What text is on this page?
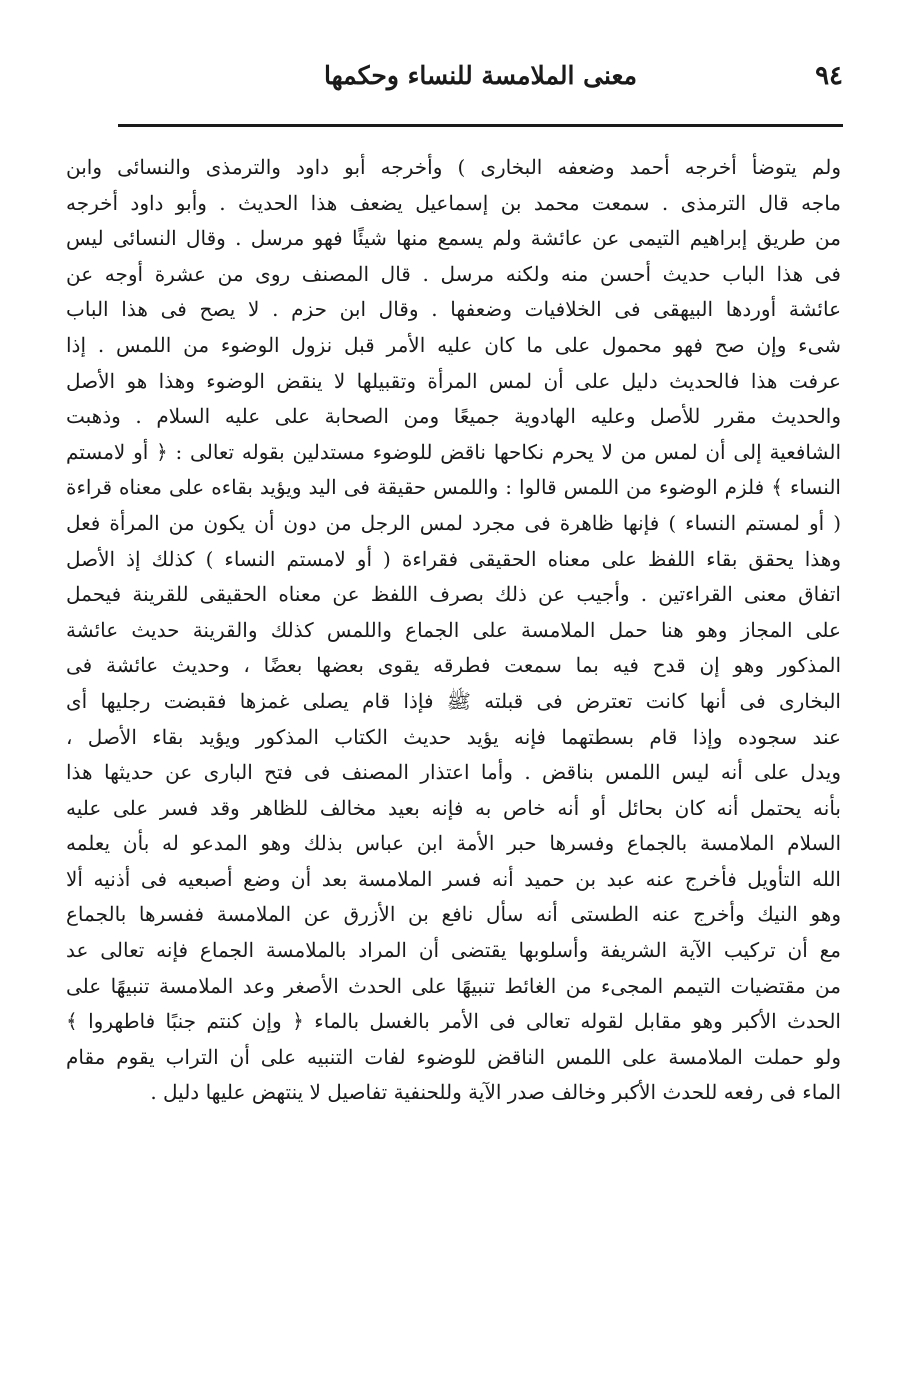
٩٤
معنى الملامسة للنساء وحكمها
ولم يتوضأ أخرجه أحمد وضعفه البخارى ) وأخرجه أبو داود والترمذى والنسائى وابن
ماجه قال الترمذى . سمعت محمد بن إسماعيل يضعف هذا الحديث . وأبو داود أخرجه
من طريق إبراهيم التيمى عن عائشة ولم يسمع منها شيئًا فهو مرسل . وقال النسائى ليس
فى هذا الباب حديث أحسن منه ولكنه مرسل . قال المصنف روى من عشرة أوجه عن
عائشة أوردها البيهقى فى الخلافيات وضعفها . وقال ابن حزم . لا يصح فى هذا الباب
شىء وإن صح فهو محمول على ما كان عليه الأمر قبل نزول الوضوء من اللمس . إذا
عرفت هذا فالحديث دليل على أن لمس المرأة وتقبيلها لا ينقض الوضوء وهذا هو الأصل
والحديث مقرر للأصل وعليه الهادوية جميعًا ومن الصحابة على عليه السلام . وذهبت
الشافعية إلى أن لمس من لا يحرم نكاحها ناقض للوضوء مستدلين بقوله تعالى : ﴿ أو لامستم
النساء ﴾ فلزم الوضوء من اللمس قالوا : واللمس حقيقة فى اليد ويؤيد بقاءه على معناه قراءة
( أو لمستم النساء ) فإنها ظاهرة فى مجرد لمس الرجل من دون أن يكون من المرأة فعل
وهذا يحقق بقاء اللفظ على معناه الحقيقى فقراءة ( أو لامستم النساء ) كذلك إذ الأصل
اتفاق معنى القراءتين . وأجيب عن ذلك بصرف اللفظ عن معناه الحقيقى للقرينة فيحمل
على المجاز وهو هنا حمل الملامسة على الجماع واللمس كذلك والقرينة حديث عائشة
المذكور وهو إن قدح فيه بما سمعت فطرقه يقوى بعضها بعضًا ، وحديث عائشة فى
البخارى فى أنها كانت تعترض فى قبلته ﷺ فإذا قام يصلى غمزها فقبضت رجليها أى
عند سجوده وإذا قام بسطتهما فإنه يؤيد حديث الكتاب المذكور ويؤيد بقاء الأصل ،
ويدل على أنه ليس اللمس بناقض . وأما اعتذار المصنف فى فتح البارى عن حديثها هذا
بأنه يحتمل أنه كان بحائل أو أنه خاص به فإنه بعيد مخالف للظاهر وقد فسر على عليه
السلام الملامسة بالجماع وفسرها حبر الأمة ابن عباس بذلك وهو المدعو له بأن يعلمه
الله التأويل فأخرج عنه عبد بن حميد أنه فسر الملامسة بعد أن وضع أصبعيه فى أذنيه ألا
وهو النيك وأخرج عنه الطستى أنه سأل نافع بن الأزرق عن الملامسة ففسرها بالجماع
مع أن تركيب الآية الشريفة وأسلوبها يقتضى أن المراد بالملامسة الجماع فإنه تعالى عد
من مقتضيات التيمم المجىء من الغائط تنبيهًا على الحدث الأصغر وعد الملامسة تنبيهًا على
الحدث الأكبر وهو مقابل لقوله تعالى فى الأمر بالغسل بالماء ﴿ وإن كنتم جنبًا فاطهروا ﴾
ولو حملت الملامسة على اللمس الناقض للوضوء لفات التنبيه على أن التراب يقوم مقام
الماء فى رفعه للحدث الأكبر وخالف صدر الآية وللحنفية تفاصيل لا ينتهض عليها دليل .
